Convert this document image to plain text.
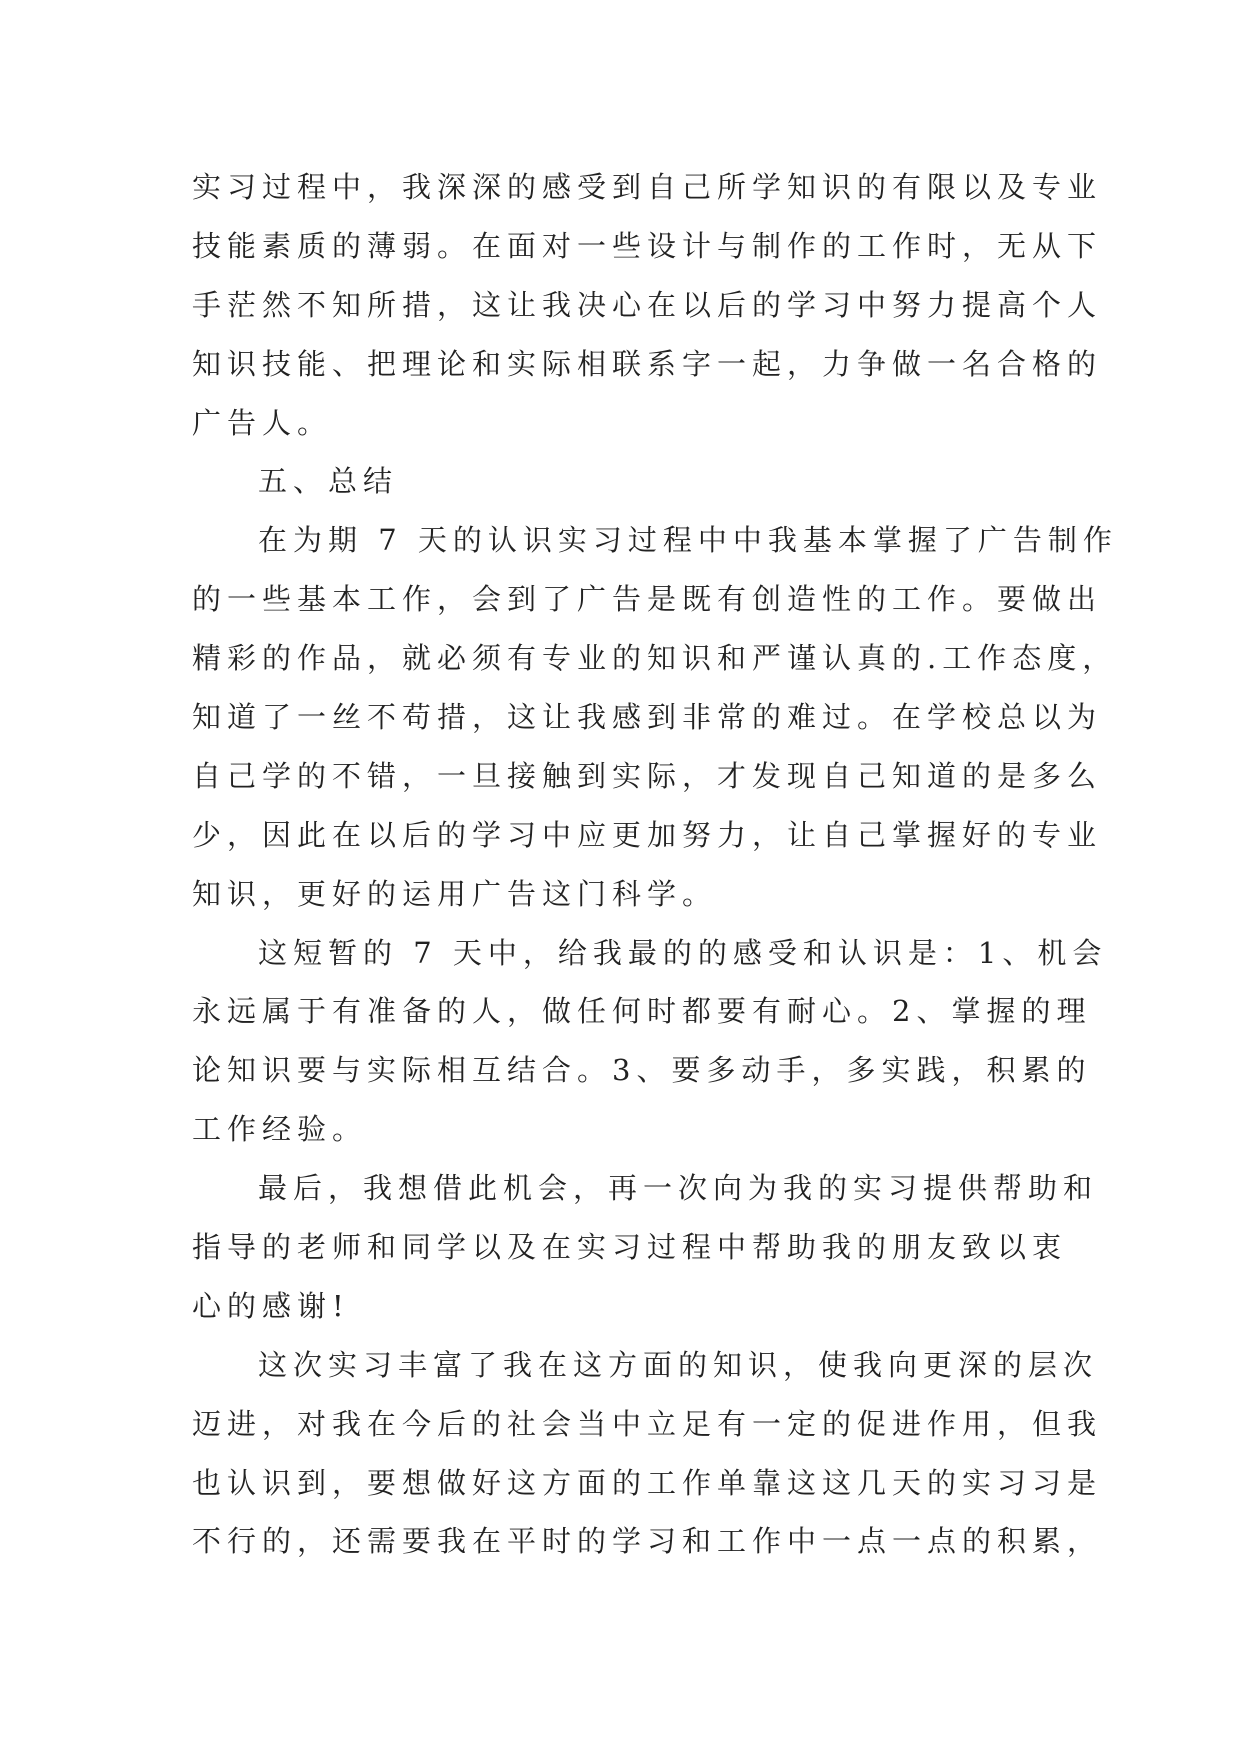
实习过程中，我深深的感受到自己所学知识的有限以及专业
技能素质的薄弱。在面对一些设计与制作的工作时，无从下
手茫然不知所措，这让我决心在以后的学习中努力提高个人
知识技能、把理论和实际相联系字一起，力争做一名合格的
广告人。
五、总结
在为期 7 天的认识实习过程中中我基本掌握了广告制作
的一些基本工作，会到了广告是既有创造性的工作。要做出
精彩的作品，就必须有专业的知识和严谨认真的.工作态度，
知道了一丝不苟措，这让我感到非常的难过。在学校总以为
自己学的不错，一旦接触到实际，才发现自己知道的是多么
少，因此在以后的学习中应更加努力，让自己掌握好的专业
知识，更好的运用广告这门科学。
这短暂的 7 天中，给我最的的感受和认识是：1、机会
永远属于有准备的人，做任何时都要有耐心。2、掌握的理
论知识要与实际相互结合。3、要多动手，多实践，积累的
工作经验。
最后，我想借此机会，再一次向为我的实习提供帮助和
指导的老师和同学以及在实习过程中帮助我的朋友致以衷
心的感谢!
这次实习丰富了我在这方面的知识，使我向更深的层次
迈进，对我在今后的社会当中立足有一定的促进作用，但我
也认识到，要想做好这方面的工作单靠这这几天的实习习是
不行的，还需要我在平时的学习和工作中一点一点的积累，
